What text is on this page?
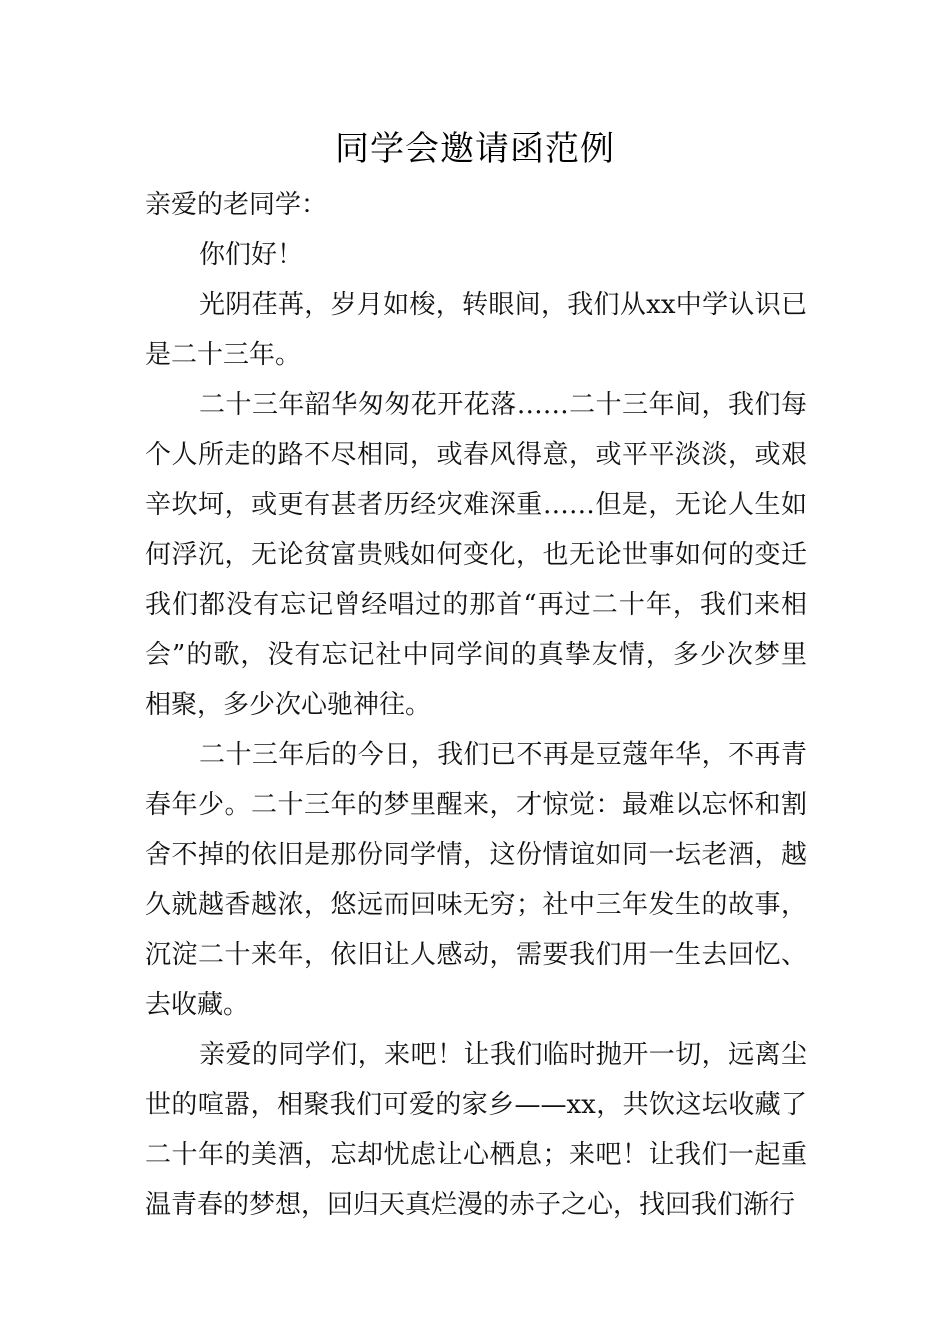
同学会邀请函范例

亲爱的老同学：

你们好！

光阴荏苒，岁月如梭，转眼间，我们从xx中学认识已是二十三年。

二十三年韶华匆匆花开花落……二十三年间，我们每个人所走的路不尽相同，或春风得意，或平平淡淡，或艰辛坎坷，或更有甚者历经灾难深重……但是，无论人生如何浮沉，无论贫富贵贱如何变化，也无论世事如何的变迁我们都没有忘记曾经唱过的那首“再过二十年，我们来相会”的歌，没有忘记社中同学间的真挚友情，多少次梦里相聚，多少次心驰神往。

二十三年后的今日，我们已不再是豆蔻年华，不再青春年少。二十三年的梦里醒来，才惊觉：最难以忘怀和割舍不掉的依旧是那份同学情，这份情谊如同一坛老酒，越久就越香越浓，悠远而回味无穷；社中三年发生的故事，沉淀二十来年，依旧让人感动，需要我们用一生去回忆、去收藏。

亲爱的同学们，来吧！让我们临时抛开一切，远离尘世的喧嚣，相聚我们可爱的家乡——xx，共饮这坛收藏了二十年的美酒，忘却忧虑让心栖息；来吧！让我们一起重温青春的梦想，回归天真烂漫的赤子之心，找回我们渐行
